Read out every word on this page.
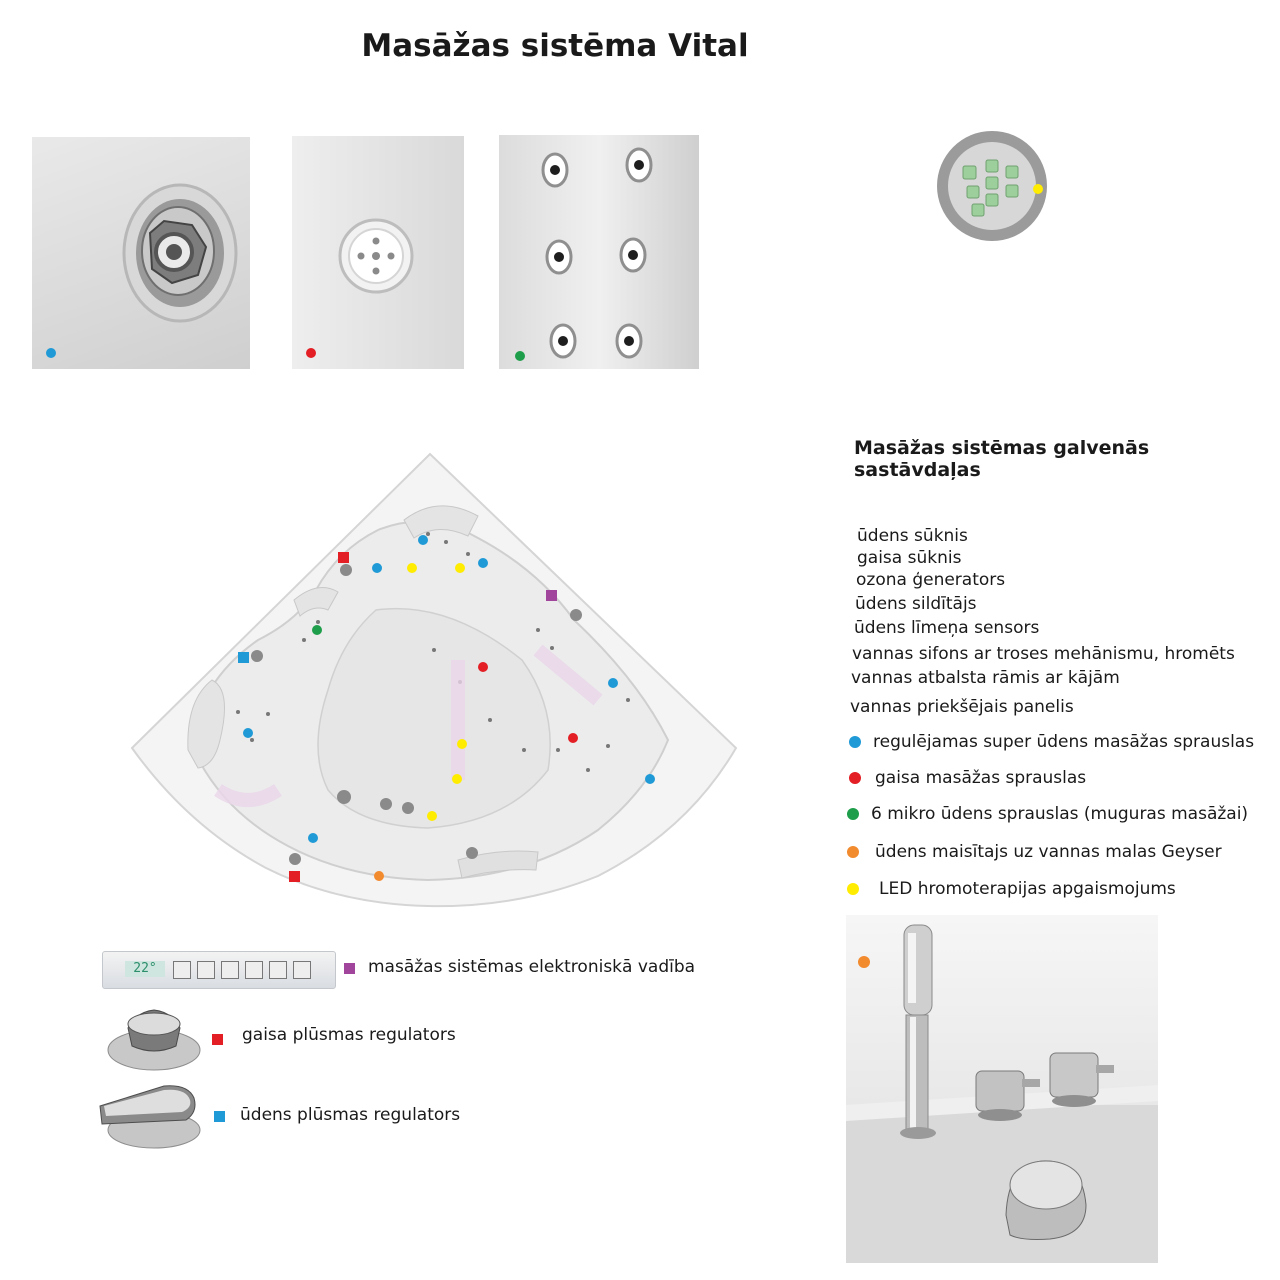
Masāžas sistēma Vital
Masāžas sistēmas galvenās sastāvdaļas
ūdens sūknis
gaisa sūknis
ozona ģenerators
ūdens sildītājs
ūdens līmeņa sensors
vannas sifons ar troses mehānismu, hromēts
vannas atbalsta rāmis ar kājām
vannas priekšējais panelis
regulējamas super ūdens masāžas sprauslas
gaisa masāžas sprauslas
6 mikro ūdens sprauslas (muguras masāžai)
ūdens maisītajs uz vannas malas Geyser
LED hromoterapijas apgaismojums
22°	masāžas sistēmas elektroniskā vadība
gaisa plūsmas regulators
ūdens plūsmas regulators
